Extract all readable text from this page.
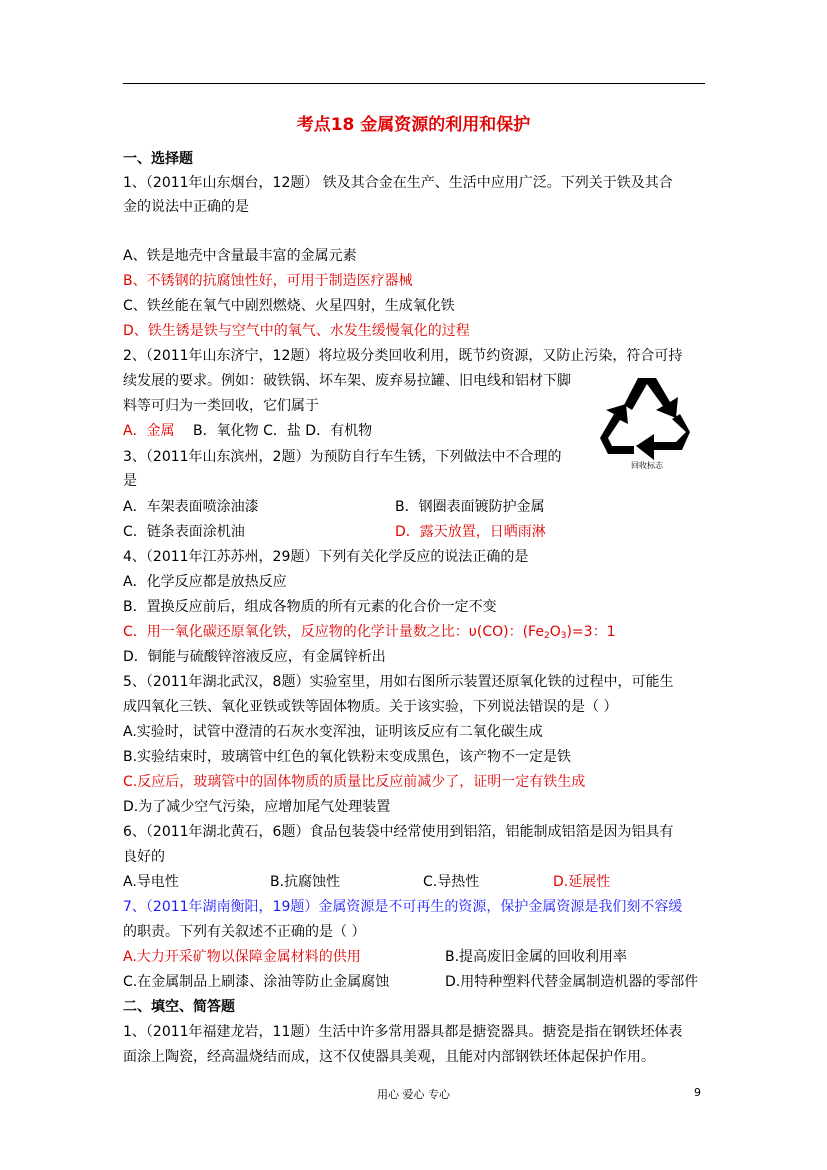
考点18 金属资源的利用和保护
一、选择题
1、（2011年山东烟台，12题） 铁及其合金在生产、生活中应用广泛。下列关于铁及其合
金的说法中正确的是
A、铁是地壳中含量最丰富的金属元素
B、不锈钢的抗腐蚀性好，可用于制造医疗器械
C、铁丝能在氧气中剧烈燃烧、火星四射，生成氧化铁
D、铁生锈是铁与空气中的氧气、水发生缓慢氧化的过程
2、（2011年山东济宁，12题）将垃圾分类回收利用，既节约资源，又防止污染，符合可持
续发展的要求。例如：破铁锅、坏车架、废弃易拉罐、旧电线和铝材下脚
料等可归为一类回收，它们属于
A．金属 B．氧化物 C．盐 D．有机物
回收标志
3、（2011年山东滨州，2题）为预防自行车生锈，下列做法中不合理的
是
A．车架表面喷涂油漆	B．钢圈表面镀防护金属
C．链条表面涂机油	D．露天放置，日晒雨淋
4、（2011年江苏苏州，29题）下列有关化学反应的说法正确的是
A．化学反应都是放热反应
B．置换反应前后，组成各物质的所有元素的化合价一定不变
C．用一氧化碳还原氧化铁，反应物的化学计量数之比：υ(CO)：$(Fe_2O_3)=3$：1
D．铜能与硫酸锌溶液反应，有金属锌析出
5、（2011年湖北武汉，8题）实验室里，用如右图所示装置还原氧化铁的过程中，可能生
成四氧化三铁、氧化亚铁或铁等固体物质。关于该实验，下列说法错误的是（ ）
A.实验时，试管中澄清的石灰水变浑浊，证明该反应有二氧化碳生成
B.实验结束时，玻璃管中红色的氧化铁粉末变成黑色，该产物不一定是铁
C.反应后，玻璃管中的固体物质的质量比反应前减少了，证明一定有铁生成
D.为了减少空气污染，应增加尾气处理装置
6、（2011年湖北黄石，6题）食品包装袋中经常使用到铝箔，铝能制成铝箔是因为铝具有
良好的
A.导电性	B.抗腐蚀性	C.导热性	D.延展性
7、（2011年湖南衡阳，19题）金属资源是不可再生的资源，保护金属资源是我们刻不容缓
的职责。下列有关叙述不正确的是（ ）
A.大力开采矿物以保障金属材料的供用	B.提高废旧金属的回收利用率
C.在金属制品上刷漆、涂油等防止金属腐蚀	D.用特种塑料代替金属制造机器的零部件
二、填空、简答题
1、（2011年福建龙岩，11题）生活中许多常用器具都是搪瓷器具。搪瓷是指在钢铁坯体表
面涂上陶瓷，经高温烧结而成，这不仅使器具美观，且能对内部钢铁坯体起保护作用。
用心 爱心 专心	9
